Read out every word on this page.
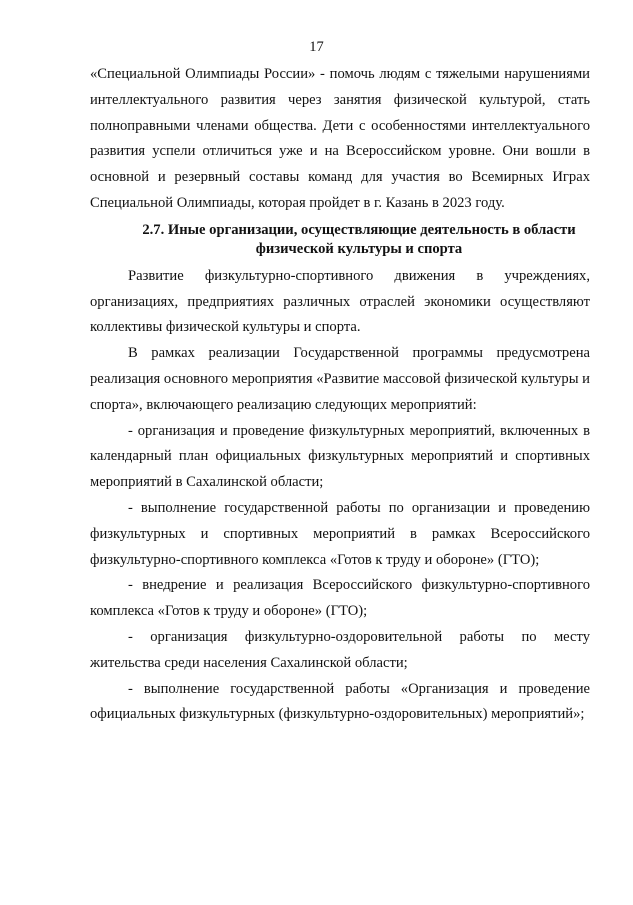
17

«Специальной Олимпиады России» - помочь людям с тяжелыми нарушениями интеллектуального развития через занятия физической культурой, стать полноправными членами общества. Дети с особенностями интеллектуального развития успели отличиться уже и на Всероссийском уровне. Они вошли в основной и резервный составы команд для участия во Всемирных Играх Специальной Олимпиады, которая пройдет в г. Казань в 2023 году.

2.7. Иные организации, осуществляющие деятельность в области
физической культуры и спорта

Развитие физкультурно-спортивного движения в учреждениях, организациях, предприятиях различных отраслей экономики осуществляют коллективы физической культуры и спорта.

В рамках реализации Государственной программы предусмотрена реализация основного мероприятия «Развитие массовой физической культуры и спорта», включающего реализацию следующих мероприятий:

- организация и проведение физкультурных мероприятий, включенных в календарный план официальных физкультурных мероприятий и спортивных мероприятий в Сахалинской области;

- выполнение государственной работы по организации и проведению физкультурных и спортивных мероприятий в рамках Всероссийского физкультурно-спортивного комплекса «Готов к труду и обороне» (ГТО);

- внедрение и реализация Всероссийского физкультурно-спортивного комплекса «Готов к труду и обороне» (ГТО);

- организация физкультурно-оздоровительной работы по месту жительства среди населения Сахалинской области;

- выполнение государственной работы «Организация и проведение официальных физкультурных (физкультурно-оздоровительных) мероприятий»;
